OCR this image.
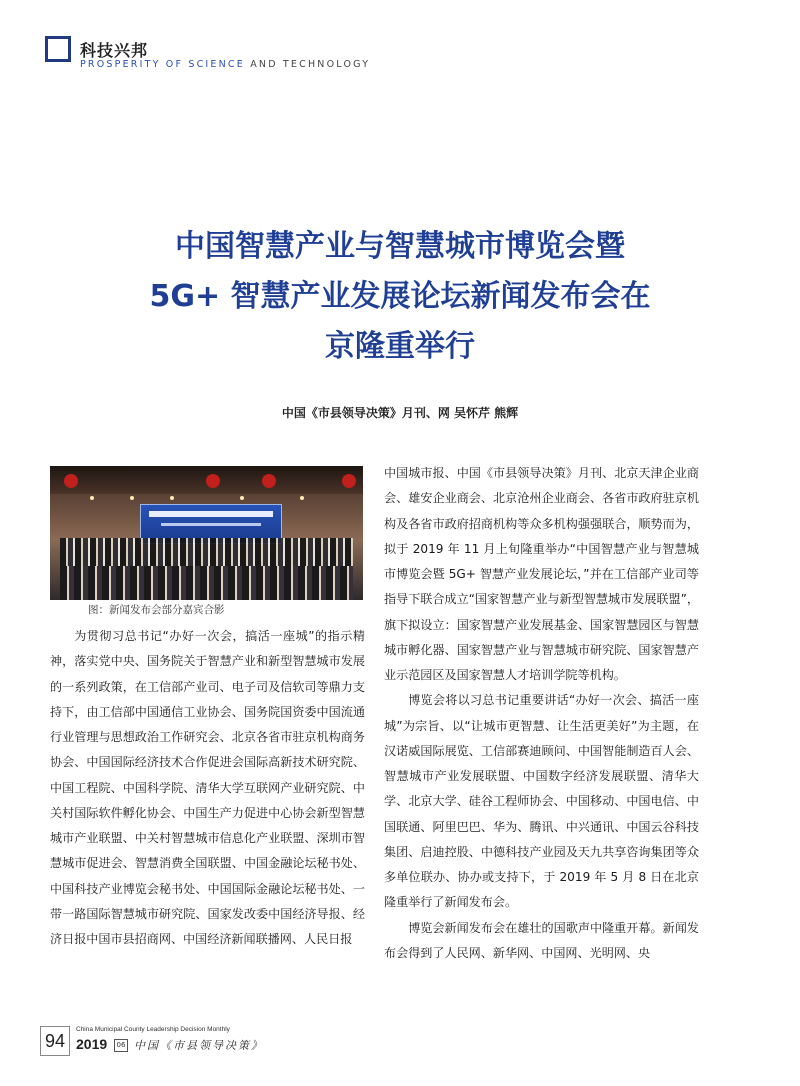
科技兴邦
PROSPERITY OF SCIENCE AND TECHNOLOGY
中国智慧产业与智慧城市博览会暨
5G+ 智慧产业发展论坛新闻发布会在
京隆重举行
中国《市县领导决策》月刊、网 吴怀芹 熊辉
图：新闻发布会部分嘉宾合影

为贯彻习总书记“办好一次会，搞活一座城”的指示精神，落实党中央、国务院关于智慧产业和新型智慧城市发展的一系列政策，在工信部产业司、电子司及信软司等鼎力支持下，由工信部中国通信工业协会、国务院国资委中国流通行业管理与思想政治工作研究会、北京各省市驻京机构商务协会、中国国际经济技术合作促进会国际高新技术研究院、中国工程院、中国科学院、清华大学互联网产业研究院、中关村国际软件孵化协会、中国生产力促进中心协会新型智慧城市产业联盟、中关村智慧城市信息化产业联盟、深圳市智慧城市促进会、智慧消费全国联盟、中国金融论坛秘书处、中国科技产业博览会秘书处、中国国际金融论坛秘书处、一带一路国际智慧城市研究院、国家发改委中国经济导报、经济日报中国市县招商网、中国经济新闻联播网、人民日报

中国城市报、中国《市县领导决策》月刊、北京天津企业商会、雄安企业商会、北京沧州企业商会、各省市政府驻京机构及各省市政府招商机构等众多机构强强联合，顺势而为，拟于 2019 年 11 月上旬隆重举办“中国智慧产业与智慧城市博览会暨 5G+ 智慧产业发展论坛，”并在工信部产业司等指导下联合成立“国家智慧产业与新型智慧城市发展联盟”，旗下拟设立：国家智慧产业发展基金、国家智慧园区与智慧城市孵化器、国家智慧产业与智慧城市研究院、国家智慧产业示范园区及国家智慧人才培训学院等机构。

博览会将以习总书记重要讲话“办好一次会、搞活一座城”为宗旨、以“让城市更智慧、让生活更美好”为主题，在汉诺威国际展览、工信部赛迪顾问、中国智能制造百人会、智慧城市产业发展联盟、中国数字经济发展联盟、清华大学、北京大学、硅谷工程师协会、中国移动、中国电信、中国联通、阿里巴巴、华为、腾讯、中兴通讯、中国云谷科技集团、启迪控股、中德科技产业园及天九共享咨询集团等众多单位联办、协办或支持下，于 2019 年 5 月 8 日在北京隆重举行了新闻发布会。

博览会新闻发布会在雄壮的国歌声中隆重开幕。新闻发布会得到了人民网、新华网、中国网、光明网、央

94
China Municipal County Leadership Decision Monthly
2019	06 中国《市县领导决策》
